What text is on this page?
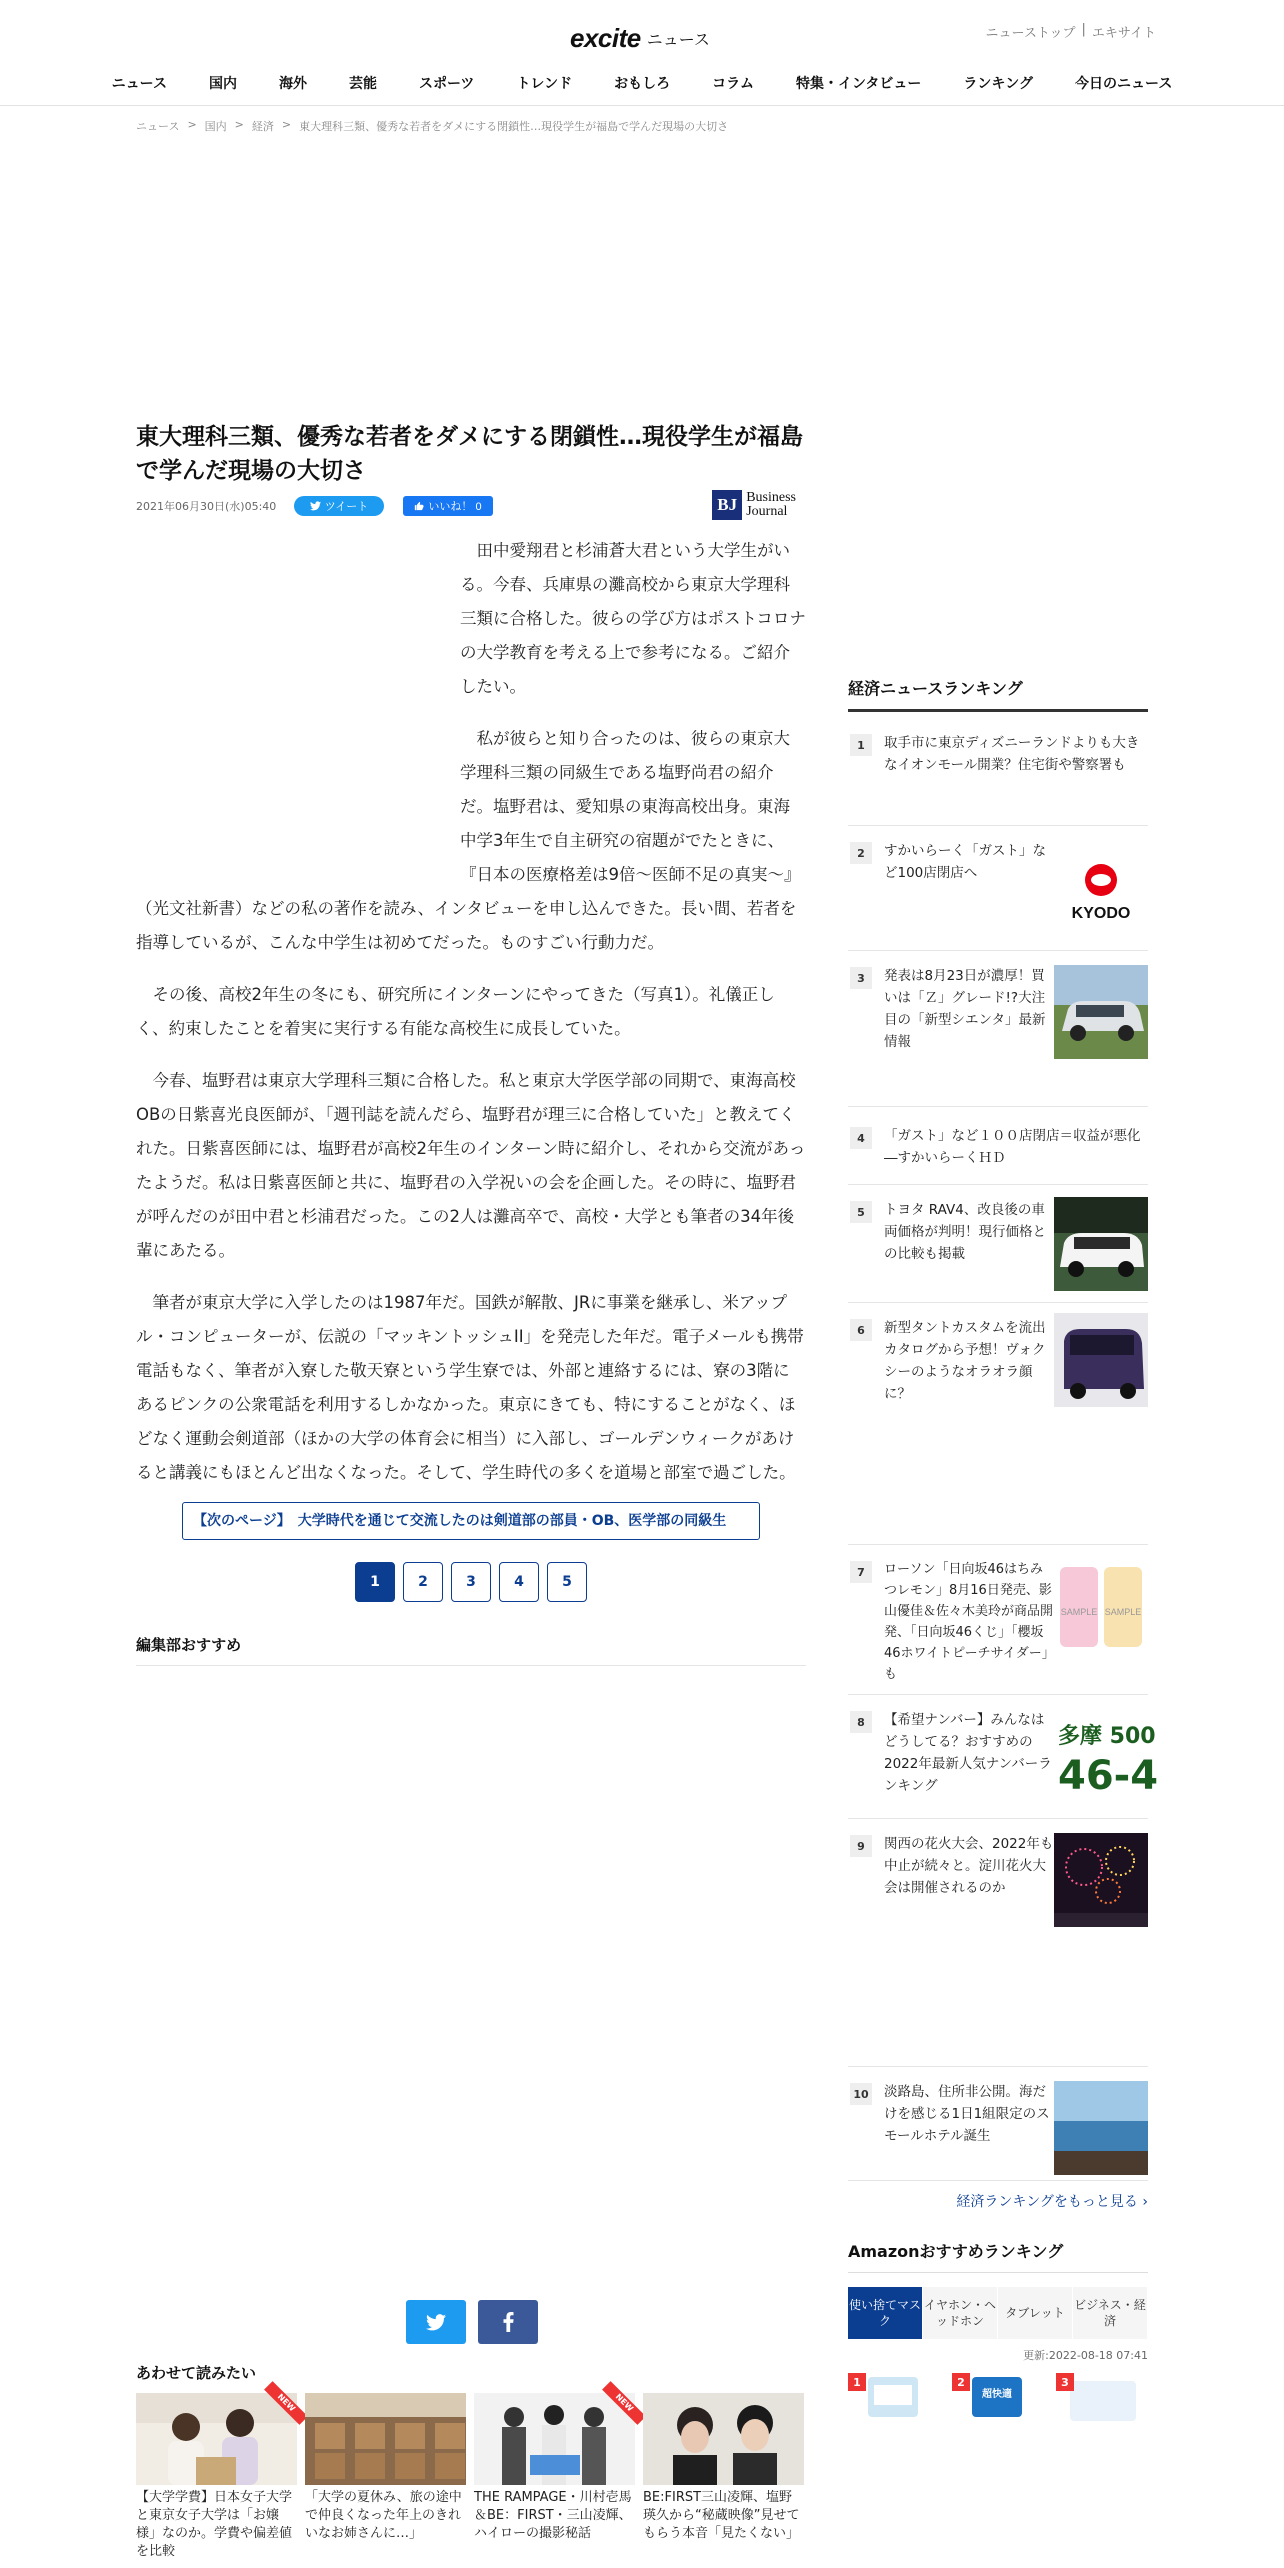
excite ニュース	ニューストップ | エキサイト
ニュース	国内	海外	芸能	スポーツ	トレンド	おもしろ	コラム	特集・インタビュー	ランキング	今日のニュース
ニュース > 国内 > 経済 > 東大理科三類、優秀な若者をダメにする閉鎖性…現役学生が福島で学んだ現場の大切さ
東大理科三類、優秀な若者をダメにする閉鎖性…現役学生が福島で学んだ現場の大切さ
2021年06月30日(水)05:40	ツイート	いいね！ 0	BJ Business
Journal

田中愛翔君と杉浦蒼大君という大学生がいる。今春、兵庫県の灘高校から東京大学理科三類に合格した。彼らの学び方はポストコロナの大学教育を考える上で参考になる。ご紹介したい。

私が彼らと知り合ったのは、彼らの東京大学理科三類の同級生である塩野尚君の紹介だ。塩野君は、愛知県の東海高校出身。東海中学3年生で自主研究の宿題がでたときに、『日本の医療格差は9倍～医師不足の真実～』（光文社新書）などの私の著作を読み、インタビューを申し込んできた。長い間、若者を指導しているが、こんな中学生は初めてだった。ものすごい行動力だ。

その後、高校2年生の冬にも、研究所にインターンにやってきた（写真1）。礼儀正しく、約束したことを着実に実行する有能な高校生に成長していた。

今春、塩野君は東京大学理科三類に合格した。私と東京大学医学部の同期で、東海高校OBの日紫喜光良医師が、「週刊誌を読んだら、塩野君が理三に合格していた」と教えてくれた。日紫喜医師には、塩野君が高校2年生のインターン時に紹介し、それから交流があったようだ。私は日紫喜医師と共に、塩野君の入学祝いの会を企画した。その時に、塩野君が呼んだのが田中君と杉浦君だった。この2人は灘高卒で、高校・大学とも筆者の34年後輩にあたる。

筆者が東京大学に入学したのは1987年だ。国鉄が解散、JRに事業を継承し、米アップル・コンピューターが、伝説の「マッキントッシュII」を発売した年だ。電子メールも携帯電話もなく、筆者が入寮した敬天寮という学生寮では、外部と連絡するには、寮の3階にあるピンクの公衆電話を利用するしかなかった。東京にきても、特にすることがなく、ほどなく運動会剣道部（ほかの大学の体育会に相当）に入部し、ゴールデンウィークがあけると講義にもほとんど出なくなった。そして、学生時代の多くを道場と部室で過ごした。

【次のページ】　大学時代を通じて交流したのは剣道部の部員・OB、医学部の同級生
1	2	3	4	5
編集部おすすめ
あわせて読みたい
NEW
【大学学費】日本女子大学と東京女子大学は「お嬢様」なのか。学費や偏差値を比較
「大学の夏休み、旅の途中で仲良くなった年上のきれいなお姉さんに…」
NEW
THE RAMPAGE・川村壱馬＆BE：FIRST・三山凌輝、ハイローの撮影秘話
BE:FIRST三山凌輝、塩野瑛久から“秘蔵映像”見せてもらう本音「見たくない」
経済ニュースランキング
1	取手市に東京ディズニーランドよりも大きなイオンモール開業？住宅街や警察署も
2	すかいらーく「ガスト」など100店閉店へ
KYODO
3	発表は8月23日が濃厚！買いは「Ｚ」グレード!?大注目の「新型シエンタ」最新情報
4	「ガスト」など１００店閉店＝収益が悪化―すかいらーくＨＤ
5	トヨタ RAV4、改良後の車両価格が判明！現行価格との比較も掲載
6	新型タントカスタムを流出カタログから予想！ヴォクシーのようなオラオラ顔に？
7	ローソン「日向坂46はちみつレモン」8月16日発売、影山優佳＆佐々木美玲が商品開発、「日向坂46くじ」「櫻坂46ホワイトピーチサイダー」も
SAMPLE SAMPLE
8	【希望ナンバー】みんなはどうしてる？おすすめの2022年最新人気ナンバーランキング
多摩 500
46-4
9	関西の花火大会、2022年も中止が続々と。淀川花火大会は開催されるのか
10 淡路島、住所非公開。海だけを感じる1日1組限定のスモールホテル誕生
経済ランキングをもっと見る ›
Amazonおすすめランキング
使い捨てマスク
イヤホン・ヘッドホン
タブレット
ビジネス・経済
更新:2022-08-18 07:41
1
超快適
2	3
